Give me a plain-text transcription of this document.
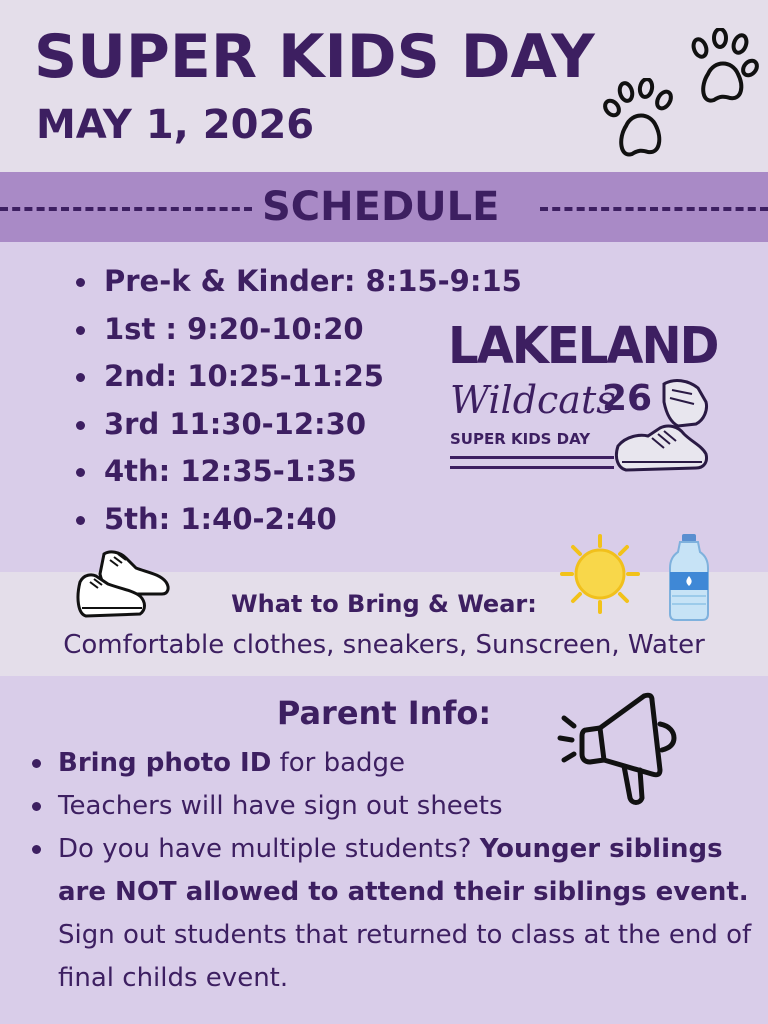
SUPER KIDS DAY
MAY 1, 2026
SCHEDULE
Pre-k & Kinder: 8:15-9:15
1st : 9:20-10:20
2nd: 10:25-11:25
3rd 11:30-12:30
4th: 12:35-1:35
5th: 1:40-2:40
LAKELAND
Wildcats
26
SUPER KIDS DAY
What to Bring & Wear:
Comfortable clothes, sneakers, Sunscreen, Water
Parent Info:
Bring photo ID for badge
Teachers will have sign out sheets
Do you have multiple students? Younger siblings are NOT allowed to attend their siblings event. Sign out students that returned to class at the end of final childs event.
